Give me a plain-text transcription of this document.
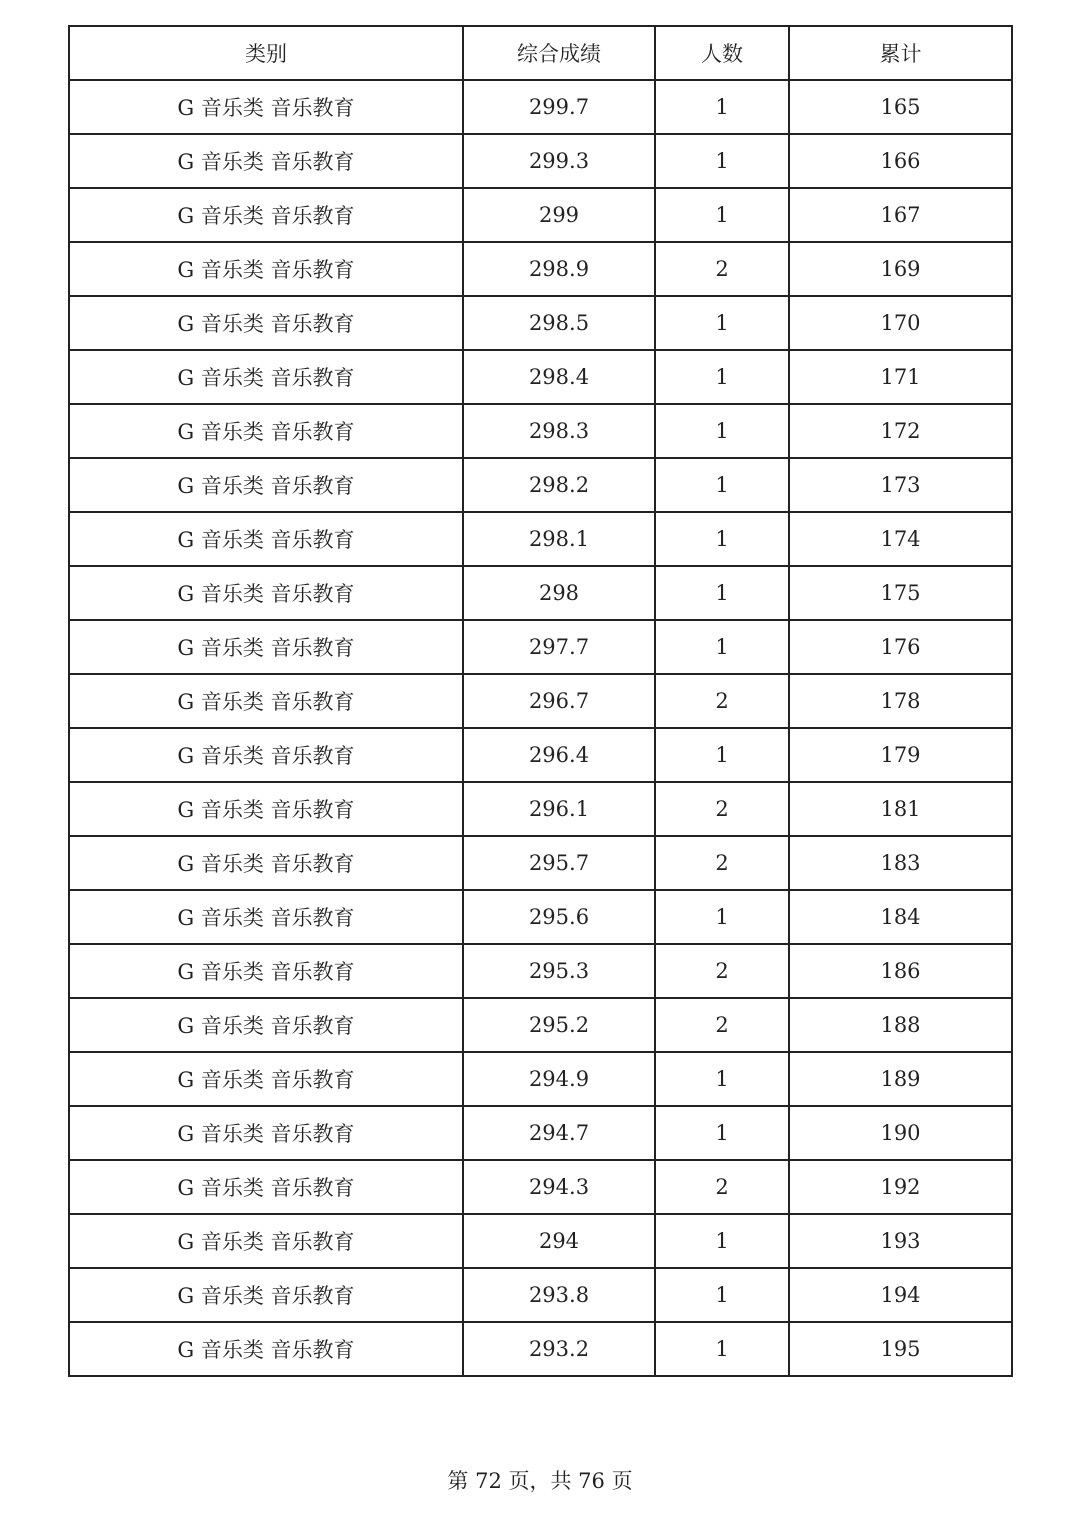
类别	综合成绩	人数	累计
G 音乐类 音乐教育	299.7	1	165
G 音乐类 音乐教育	299.3	1	166
G 音乐类 音乐教育	299	1	167
G 音乐类 音乐教育	298.9	2	169
G 音乐类 音乐教育	298.5	1	170
G 音乐类 音乐教育	298.4	1	171
G 音乐类 音乐教育	298.3	1	172
G 音乐类 音乐教育	298.2	1	173
G 音乐类 音乐教育	298.1	1	174
G 音乐类 音乐教育	298	1	175
G 音乐类 音乐教育	297.7	1	176
G 音乐类 音乐教育	296.7	2	178
G 音乐类 音乐教育	296.4	1	179
G 音乐类 音乐教育	296.1	2	181
G 音乐类 音乐教育	295.7	2	183
G 音乐类 音乐教育	295.6	1	184
G 音乐类 音乐教育	295.3	2	186
G 音乐类 音乐教育	295.2	2	188
G 音乐类 音乐教育	294.9	1	189
G 音乐类 音乐教育	294.7	1	190
G 音乐类 音乐教育	294.3	2	192
G 音乐类 音乐教育	294	1	193
G 音乐类 音乐教育	293.8	1	194
G 音乐类 音乐教育	293.2	1	195
第 72 页，共 76 页
